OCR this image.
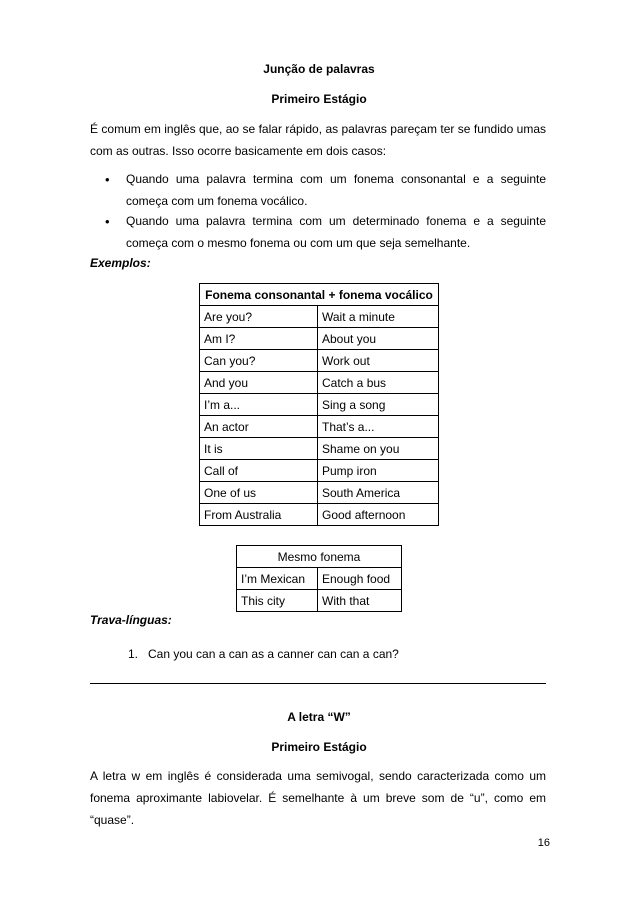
Junção de palavras
Primeiro Estágio
É comum em inglês que, ao se falar rápido, as palavras pareçam ter se fundido umas com as outras. Isso ocorre basicamente em dois casos:
• Quando uma palavra termina com um fonema consonantal e a seguinte começa com um fonema vocálico.
• Quando uma palavra termina com um determinado fonema e a seguinte começa com o mesmo fonema ou com um que seja semelhante.
Exemplos:
Fonema consonantal + fonema vocálico	
Are you?	Wait a minute
Am I?	About you
Can you?	Work out
And you	Catch a bus
I’m a...	Sing a song
An actor	That’s a...
It is	Shame on you
Call of	Pump iron
One of us	South America
From Australia	Good afternoon
Mesmo fonema	
I’m Mexican	Enough food
This city	With that
Trava-línguas:
1. Can you can a can as a canner can can a can?
A letra “W”
Primeiro Estágio
A letra w em inglês é considerada uma semivogal, sendo caracterizada como um fonema aproximante labiovelar. É semelhante à um breve som de “u”, como em “quase”.
16
